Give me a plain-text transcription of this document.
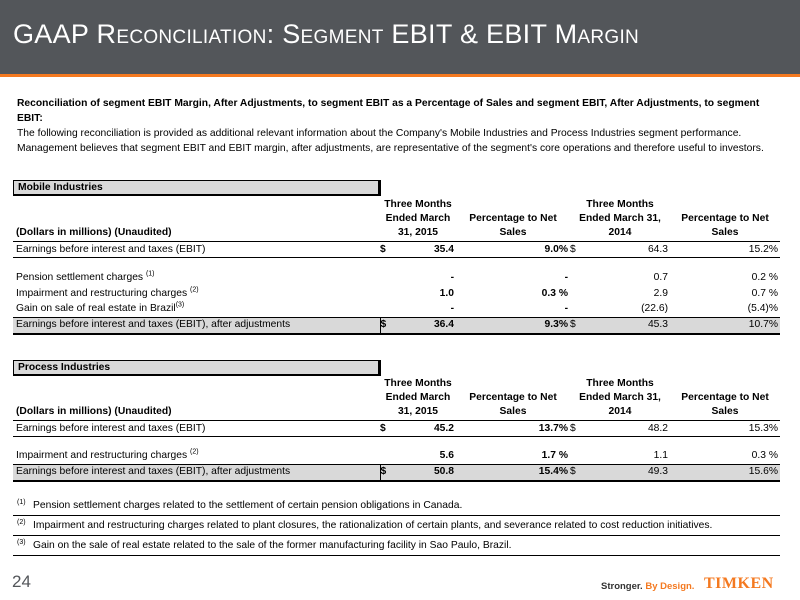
GAAP Reconciliation: Segment EBIT & EBIT Margin
Reconciliation of segment EBIT Margin, After Adjustments, to segment EBIT as a Percentage of Sales and segment EBIT, After Adjustments, to segment EBIT:
The following reconciliation is provided as additional relevant information about the Company's Mobile Industries and Process Industries segment performance. Management believes that segment EBIT and EBIT margin, after adjustments, are representative of the segment's core operations and therefore useful to investors.
Mobile Industries
(Dollars in millions) (Unaudited)	Three Months Ended March 31, 2015		Percentage to Net Sales	Three Months Ended March 31, 2014		Percentage to Net Sales
Earnings before interest and taxes (EBIT)	$	35.4	9.0%	$	64.3	15.2%

Pension settlement charges $^{(1)}$		-	-		0.7	0.2 %
Impairment and restructuring charges $^{(2)}$		1.0	0.3 %		2.9	0.7 %
Gain on sale of real estate in Brazil$^{(3)}$		-	-		(22.6)	(5.4)%
Earnings before interest and taxes (EBIT), after adjustments	$	36.4	9.3%	$	45.3	10.7%
Process Industries
(Dollars in millions) (Unaudited)	Three Months Ended March 31, 2015		Percentage to Net Sales	Three Months Ended March 31, 2014		Percentage to Net Sales
Earnings before interest and taxes (EBIT)	$	45.2	13.7%	$	48.2	15.3%

Impairment and restructuring charges $^{(2)}$		5.6	1.7 %		1.1	0.3 %
Earnings before interest and taxes (EBIT), after adjustments	$	50.8	15.4%	$	49.3	15.6%
$^{(1)}$ Pension settlement charges related to the settlement of certain pension obligations in Canada.
$^{(2)}$ Impairment and restructuring charges related to plant closures, the rationalization of certain plants, and severance related to cost reduction initiatives.
$^{(3)}$ Gain on the sale of real estate related to the sale of the former manufacturing facility in Sao Paulo, Brazil.
24	Stronger. By Design. TIMKEN
